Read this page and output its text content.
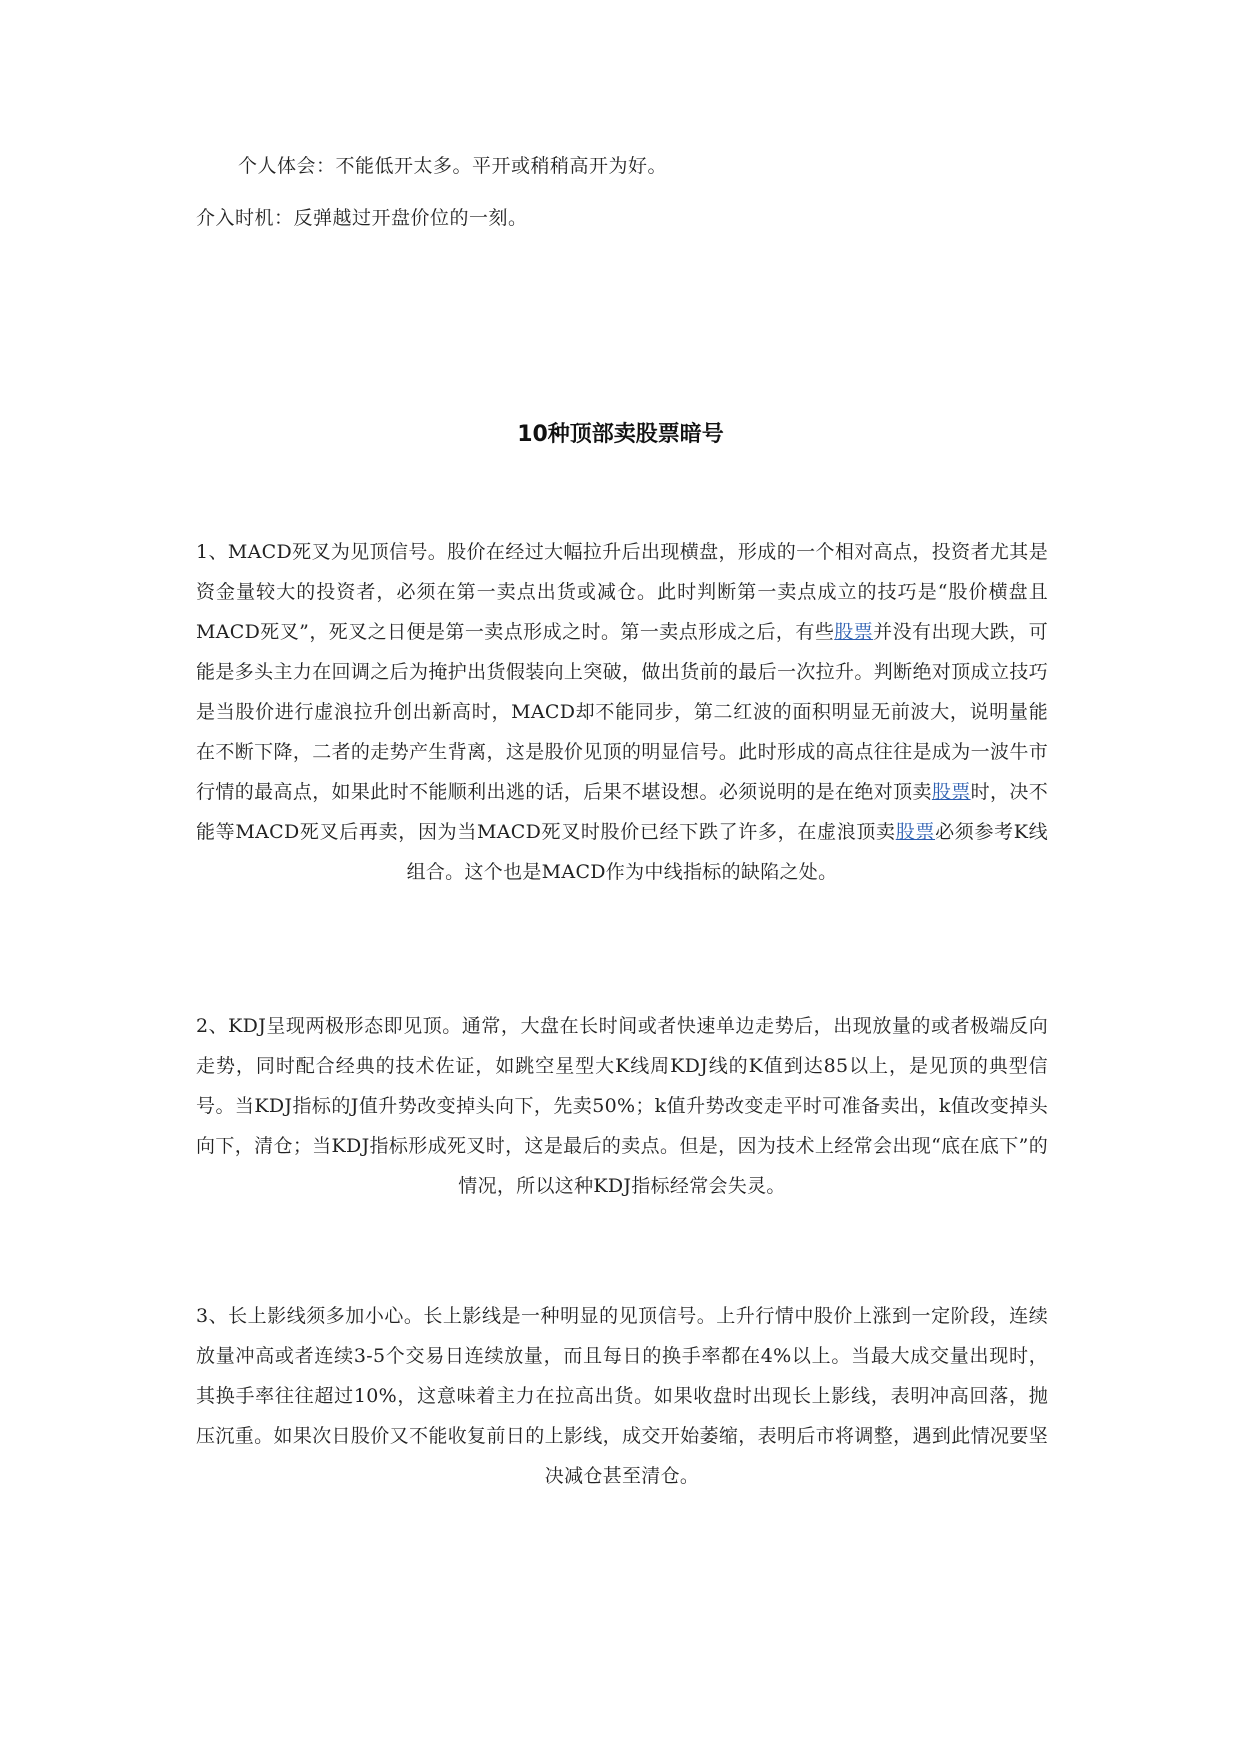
个人体会：不能低开太多。平开或稍稍高开为好。
介入时机：反弹越过开盘价位的一刻。
10种顶部卖股票暗号
1、MACD死叉为见顶信号。股价在经过大幅拉升后出现横盘，形成的一个相对高点，投资者尤其是资金量较大的投资者，必须在第一卖点出货或减仓。此时判断第一卖点成立的技巧是“股价横盘且MACD死叉”，死叉之日便是第一卖点形成之时。第一卖点形成之后，有些股票并没有出现大跌，可能是多头主力在回调之后为掩护出货假装向上突破，做出货前的最后一次拉升。判断绝对顶成立技巧是当股价进行虚浪拉升创出新高时，MACD却不能同步，第二红波的面积明显无前波大，说明量能在不断下降，二者的走势产生背离，这是股价见顶的明显信号。此时形成的高点往往是成为一波牛市行情的最高点，如果此时不能顺利出逃的话，后果不堪设想。必须说明的是在绝对顶卖股票时，决不能等MACD死叉后再卖，因为当MACD死叉时股价已经下跌了许多，在虚浪顶卖股票必须参考K线组合。这个也是MACD作为中线指标的缺陷之处。
2、KDJ呈现两极形态即见顶。通常，大盘在长时间或者快速单边走势后，出现放量的或者极端反向走势，同时配合经典的技术佐证，如跳空星型大K线周KDJ线的K值到达85以上，是见顶的典型信号。当KDJ指标的J值升势改变掉头向下，先卖50%；k值升势改变走平时可准备卖出，k值改变掉头向下，清仓；当KDJ指标形成死叉时，这是最后的卖点。但是，因为技术上经常会出现“底在底下”的情况，所以这种KDJ指标经常会失灵。
3、长上影线须多加小心。长上影线是一种明显的见顶信号。上升行情中股价上涨到一定阶段，连续放量冲高或者连续3-5个交易日连续放量，而且每日的换手率都在4%以上。当最大成交量出现时，其换手率往往超过10%，这意味着主力在拉高出货。如果收盘时出现长上影线，表明冲高回落，抛压沉重。如果次日股价又不能收复前日的上影线，成交开始萎缩，表明后市将调整，遇到此情况要坚决减仓甚至清仓。
